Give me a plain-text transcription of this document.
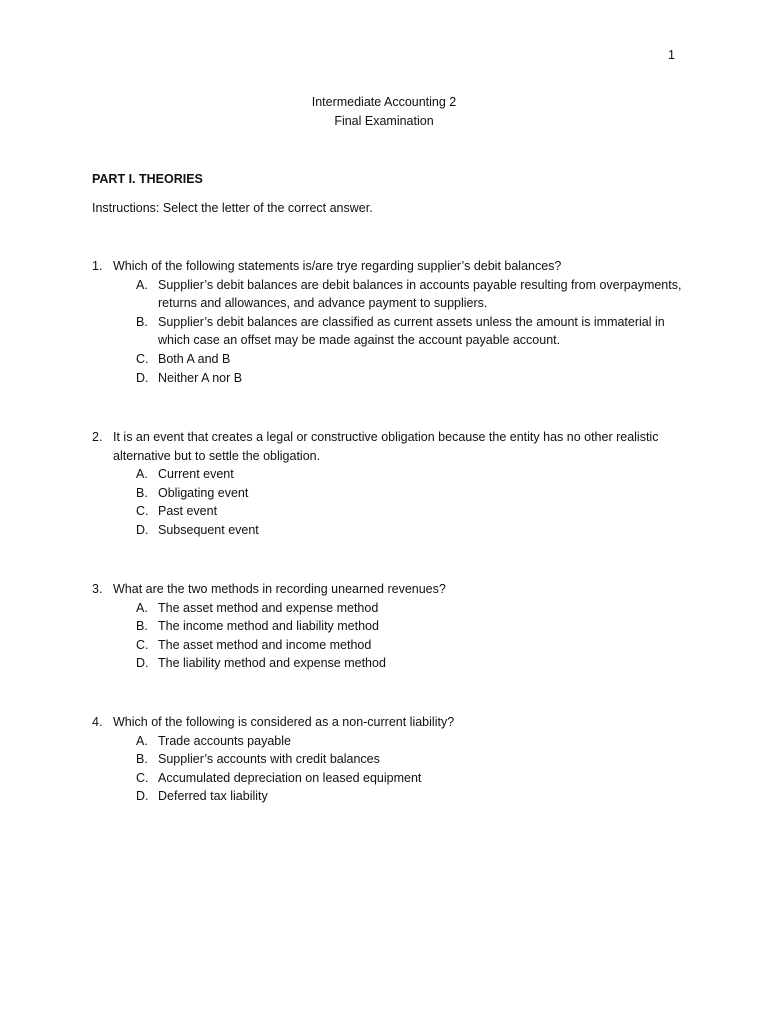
1
Intermediate Accounting 2
Final Examination
PART I. THEORIES
Instructions: Select the letter of the correct answer.
1. Which of the following statements is/are trye regarding supplier’s debit balances?
A. Supplier’s debit balances are debit balances in accounts payable resulting from overpayments, returns and allowances, and advance payment to suppliers.
B. Supplier’s debit balances are classified as current assets unless the amount is immaterial in which case an offset may be made against the account payable account.
C. Both A and B
D. Neither A nor B
2. It is an event that creates a legal or constructive obligation because the entity has no other realistic alternative but to settle the obligation.
A. Current event
B. Obligating event
C. Past event
D. Subsequent event
3. What are the two methods in recording unearned revenues?
A. The asset method and expense method
B. The income method and liability method
C. The asset method and income method
D. The liability method and expense method
4. Which of the following is considered as a non-current liability?
A. Trade accounts payable
B. Supplier’s accounts with credit balances
C. Accumulated depreciation on leased equipment
D. Deferred tax liability
